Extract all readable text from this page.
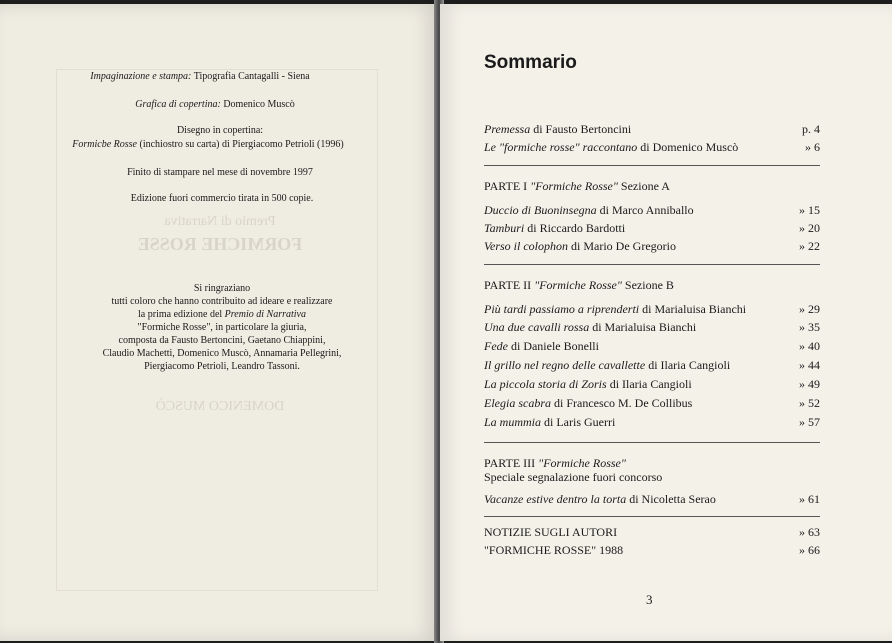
FORMICHE ROSSE
Premio di Narrativa
DOMENICO MUSCÒ
Impaginazione e stampa: Tipografia Cantagalli - Siena
Grafica di copertina: Domenico Muscò
Disegno in copertina:
Formicbe Rosse (inchiostro su carta) di Piergiacomo Petrioli (1996)
Finito di stampare nel mese di novembre 1997
Edizione fuori commercio tirata in 500 copie.
Si ringraziano
tutti coloro che hanno contribuito ad ideare e realizzare
la prima edizione del Premio di Narrativa
"Formiche Rosse", in particolare la giuria,
composta da Fausto Bertoncini, Gaetano Chiappini,
Claudio Machetti, Domenico Muscò, Annamaria Pellegrini,
Piergiacomo Petrioli, Leandro Tassoni.
Sommario
Premessa di Fausto Bertoncini	p. 4
Le "formiche rosse" raccontano di Domenico Muscò	» 6
PARTE I "Formiche Rosse" Sezione A
Duccio di Buoninsegna di Marco Anniballo	» 15
Tamburi di Riccardo Bardotti	» 20
Verso il colophon di Mario De Gregorio	» 22
PARTE II "Formiche Rosse" Sezione B
Più tardi passiamo a riprenderti di Marialuisa Bianchi	» 29
Una due cavalli rossa di Marialuisa Bianchi	» 35
Fede di Daniele Bonelli	» 40
Il grillo nel regno delle cavallette di Ilaria Cangioli	» 44
La piccola storia di Zoris di Ilaria Cangioli	» 49
Elegia scabra di Francesco M. De Collibus	» 52
La mummia di Laris Guerri	» 57
PARTE III "Formiche Rosse"
Speciale segnalazione fuori concorso
Vacanze estive dentro la torta di Nicoletta Serao	» 61
NOTIZIE SUGLI AUTORI	» 63
"FORMICHE ROSSE" 1988	» 66
3
